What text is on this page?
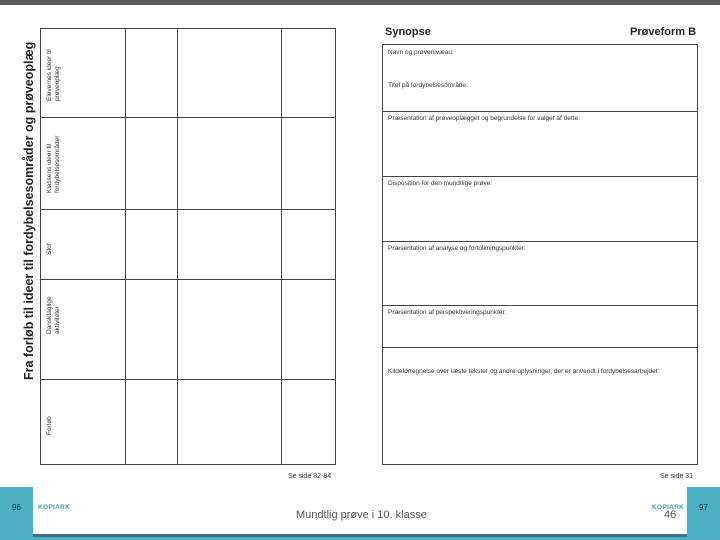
Fra forløb til ideer til fordybelsesområder og prøveoplæg Elevernes ideer til prøveoplæg
Klassens ideer til fordybelsesområder
Stof
Dansktaglige aktiviteter
Forløb
Se side 82-84
Synopse	Prøveform B
Navn og prøvenivæau:
Titel på fordybelsesområde:
Præsentation af prøveoplægget og begrundelse for valget af dette:
Disposition for den mundtlige prøve:
Præsentation af analyse og fortolkningspunkter:
Præsentation af perspektiveringspunkter:
Kildefortegnelse over læste tekster og andre oplysninger, der er anvendt i fordybelsesarbejdet:
Se side 31
96	KOPIARK
Mundtlig prøve i 10. klasse
KOPIARK
46
97
